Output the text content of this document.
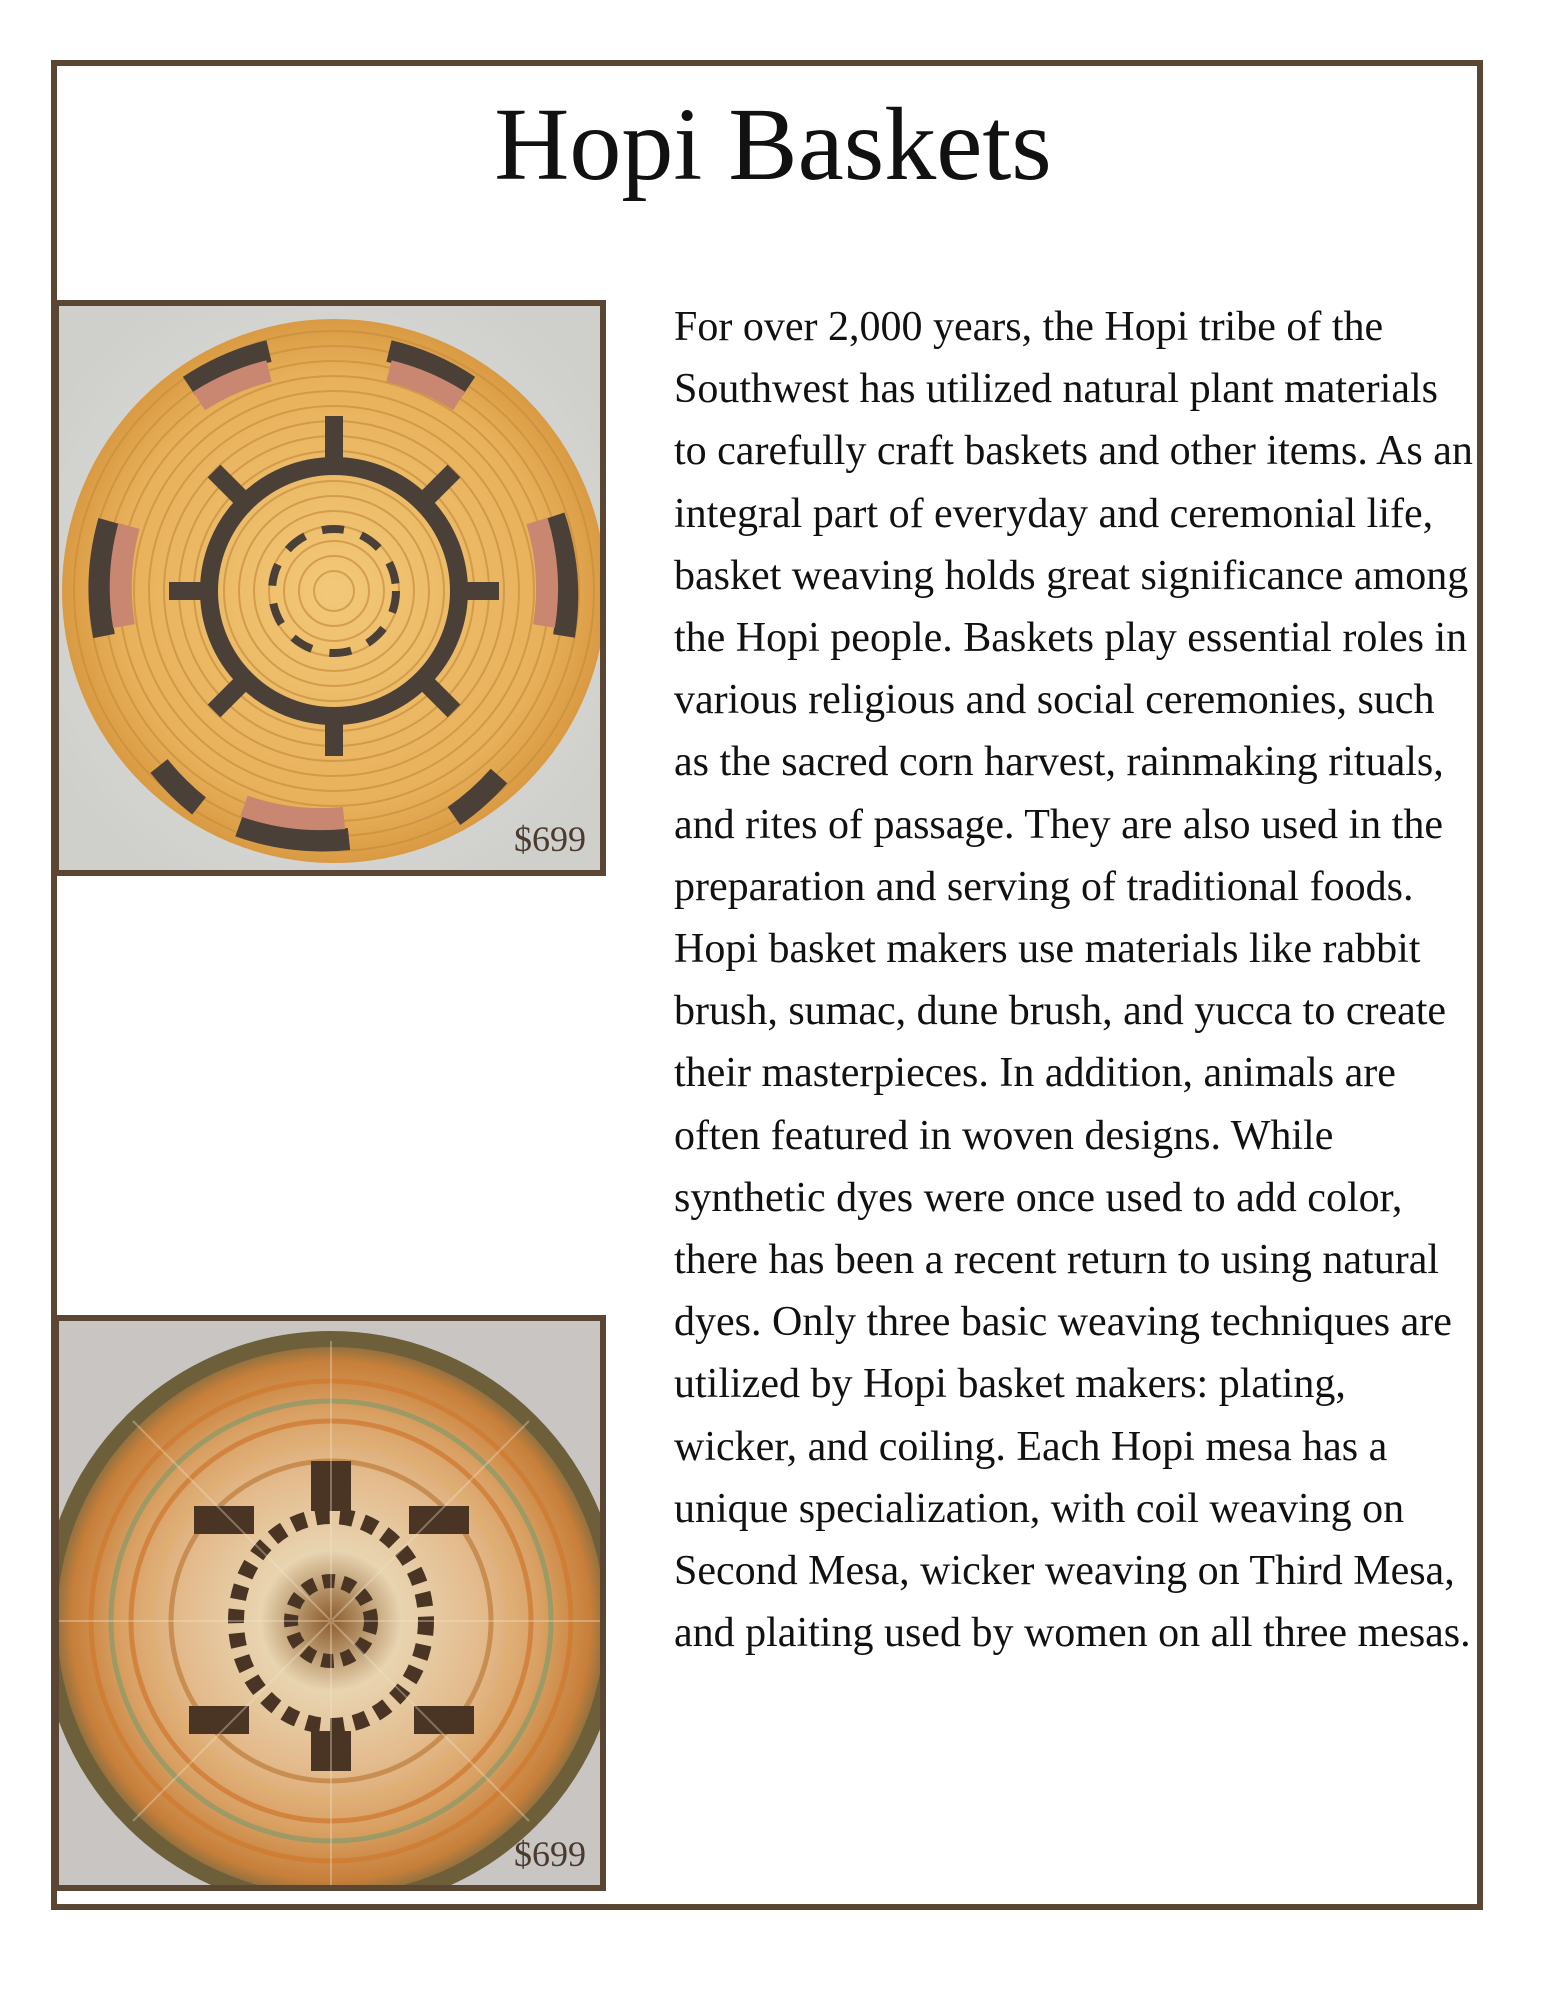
Hopi Baskets
$699
$699

For over 2,000 years, the Hopi tribe of the Southwest has utilized natural plant materials to carefully craft baskets and other items. As an integral part of everyday and ceremonial life, basket weaving holds great significance among the Hopi people. Baskets play essential roles in various religious and social ceremonies, such as the sacred corn harvest, rainmaking rituals, and rites of passage. They are also used in the preparation and serving of traditional foods. Hopi basket makers use materials like rabbit brush, sumac, dune brush, and yucca to create their masterpieces. In addition, animals are often featured in woven designs. While synthetic dyes were once used to add color, there has been a recent return to using natural dyes. Only three basic weaving techniques are utilized by Hopi basket makers: plating, wicker, and coiling. Each Hopi mesa has a unique specialization, with coil weaving on Second Mesa, wicker weaving on Third Mesa, and plaiting used by women on all three mesas.
